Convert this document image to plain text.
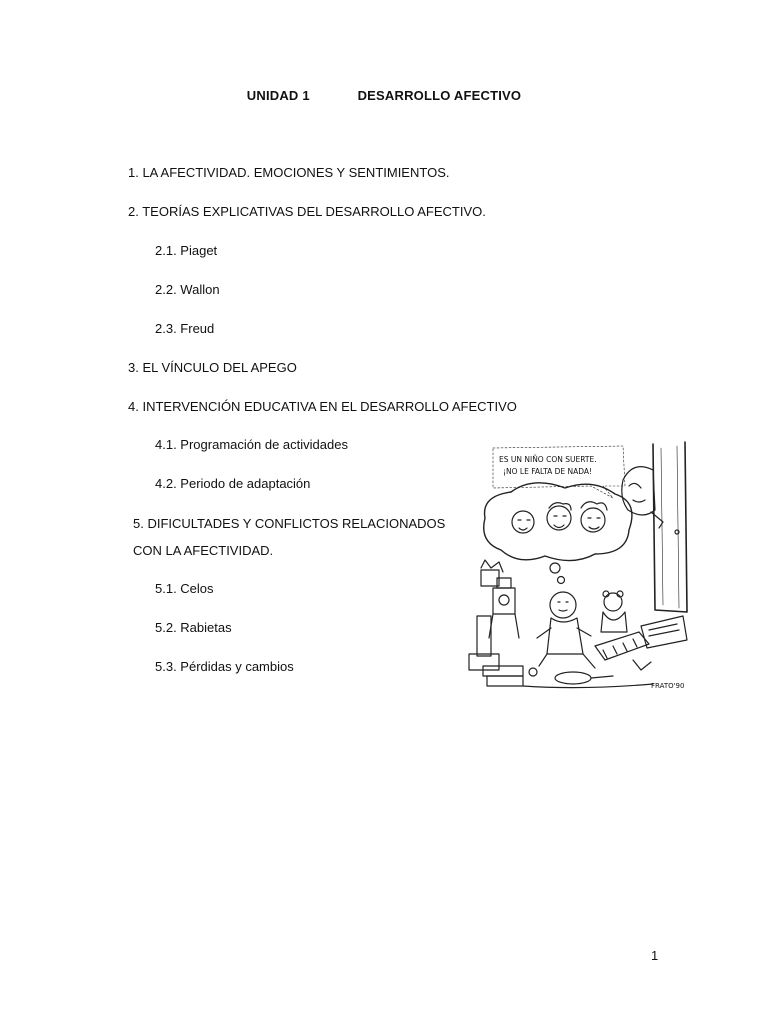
UNIDAD 1	DESARROLLO AFECTIVO
1. LA AFECTIVIDAD. EMOCIONES Y SENTIMIENTOS.
2. TEORÍAS EXPLICATIVAS DEL DESARROLLO AFECTIVO.
2.1. Piaget
2.2. Wallon
2.3. Freud
3. EL VÍNCULO DEL APEGO
4. INTERVENCIÓN EDUCATIVA EN EL DESARROLLO AFECTIVO
4.1. Programación de actividades
4.2. Periodo de adaptación
5. DIFICULTADES Y CONFLICTOS RELACIONADOS
CON LA AFECTIVIDAD.
5.1. Celos
5.2. Rabietas
5.3. Pérdidas y cambios
ES UN NIÑO CON SUERTE.
¡NO LE FALTA DE NADA!
FRATO'90
1
